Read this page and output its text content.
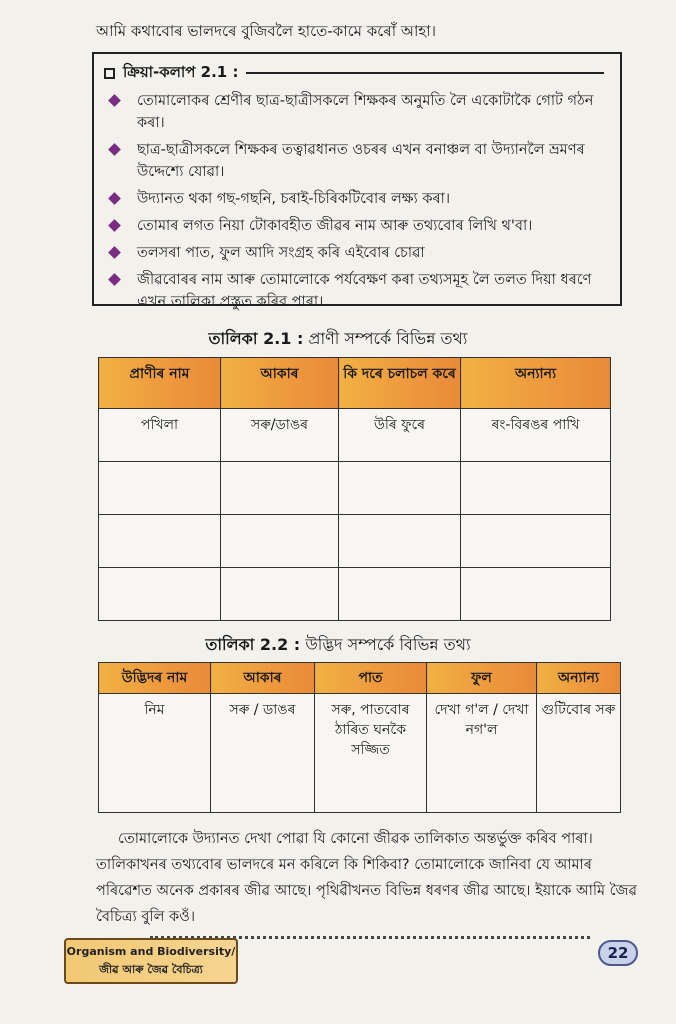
আমি কথাবোৰ ভালদৰে বুজিবলৈ হাতে-কামে কৰোঁ আহা।
ক্রিয়া-কলাপ 2.1 :
তোমালোকৰ শ্ৰেণীৰ ছাত্ৰ-ছাত্ৰীসকলে শিক্ষকৰ অনুমতি লৈ একোটাকৈ গোট গঠন কৰা।
ছাত্ৰ-ছাত্ৰীসকলে শিক্ষকৰ তত্বাৱধানত ওচৰৰ এখন বনাঞ্চল বা উদ্যানলৈ ভ্ৰমণৰ উদ্দেশ্যে যোৱা।
উদ্যানত থকা গছ-গছনি, চৰাই-চিৰিকটিবোৰ লক্ষ্য কৰা।
তোমাৰ লগত নিয়া টোকাবহীত জীৱৰ নাম আৰু তথ্যবোৰ লিখি থ'বা।
তলসৰা পাত, ফুল আদি সংগ্ৰহ কৰি এইবোৰ চোৱা
জীৱবোৰৰ নাম আৰু তোমালোকে পৰ্যবেক্ষণ কৰা তথ্যসমূহ লৈ তলত দিয়া ধৰণে এখন তালিকা প্ৰস্তুত কৰিব পাৰা।
তালিকা 2.1 : প্ৰাণী সম্পৰ্কে বিভিন্ন তথ্য
প্ৰাণীৰ নাম	আকাৰ	কি দৰে চলাচল কৰে	অন্যান্য
পখিলা	সৰু/ডাঙৰ	উৰি ফুৰে	ৰং-বিৰঙৰ পাখি

তালিকা 2.2 : উদ্ভিদ সম্পৰ্কে বিভিন্ন তথ্য
উদ্ভিদৰ নাম	আকাৰ	পাত	ফুল	অন্যান্য
নিম	সৰু / ডাঙৰ	সৰু, পাতবোৰ ঠাৰিত ঘনকৈ সজ্জিত	দেখা গ'ল / দেখা নগ'ল	গুটিবোৰ সৰু
তোমালোকে উদ্যানত দেখা পোৱা যি কোনো জীৱক তালিকাত অন্তৰ্ভুক্ত কৰিব পাৰা। তালিকাখনৰ তথ্যবোৰ ভালদৰে মন কৰিলে কি শিকিবা? তোমালোকে জানিবা যে আমাৰ পৰিৱেশত অনেক প্ৰকাৰৰ জীৱ আছে। পৃথিৱীখনত বিভিন্ন ধৰণৰ জীৱ আছে। ইয়াকে আমি জৈৱ বৈচিত্ৰ্য বুলি কওঁ।
Organism and Biodiversity/
জীৱ আৰু জৈৱ বৈচিত্ৰ্য
22
